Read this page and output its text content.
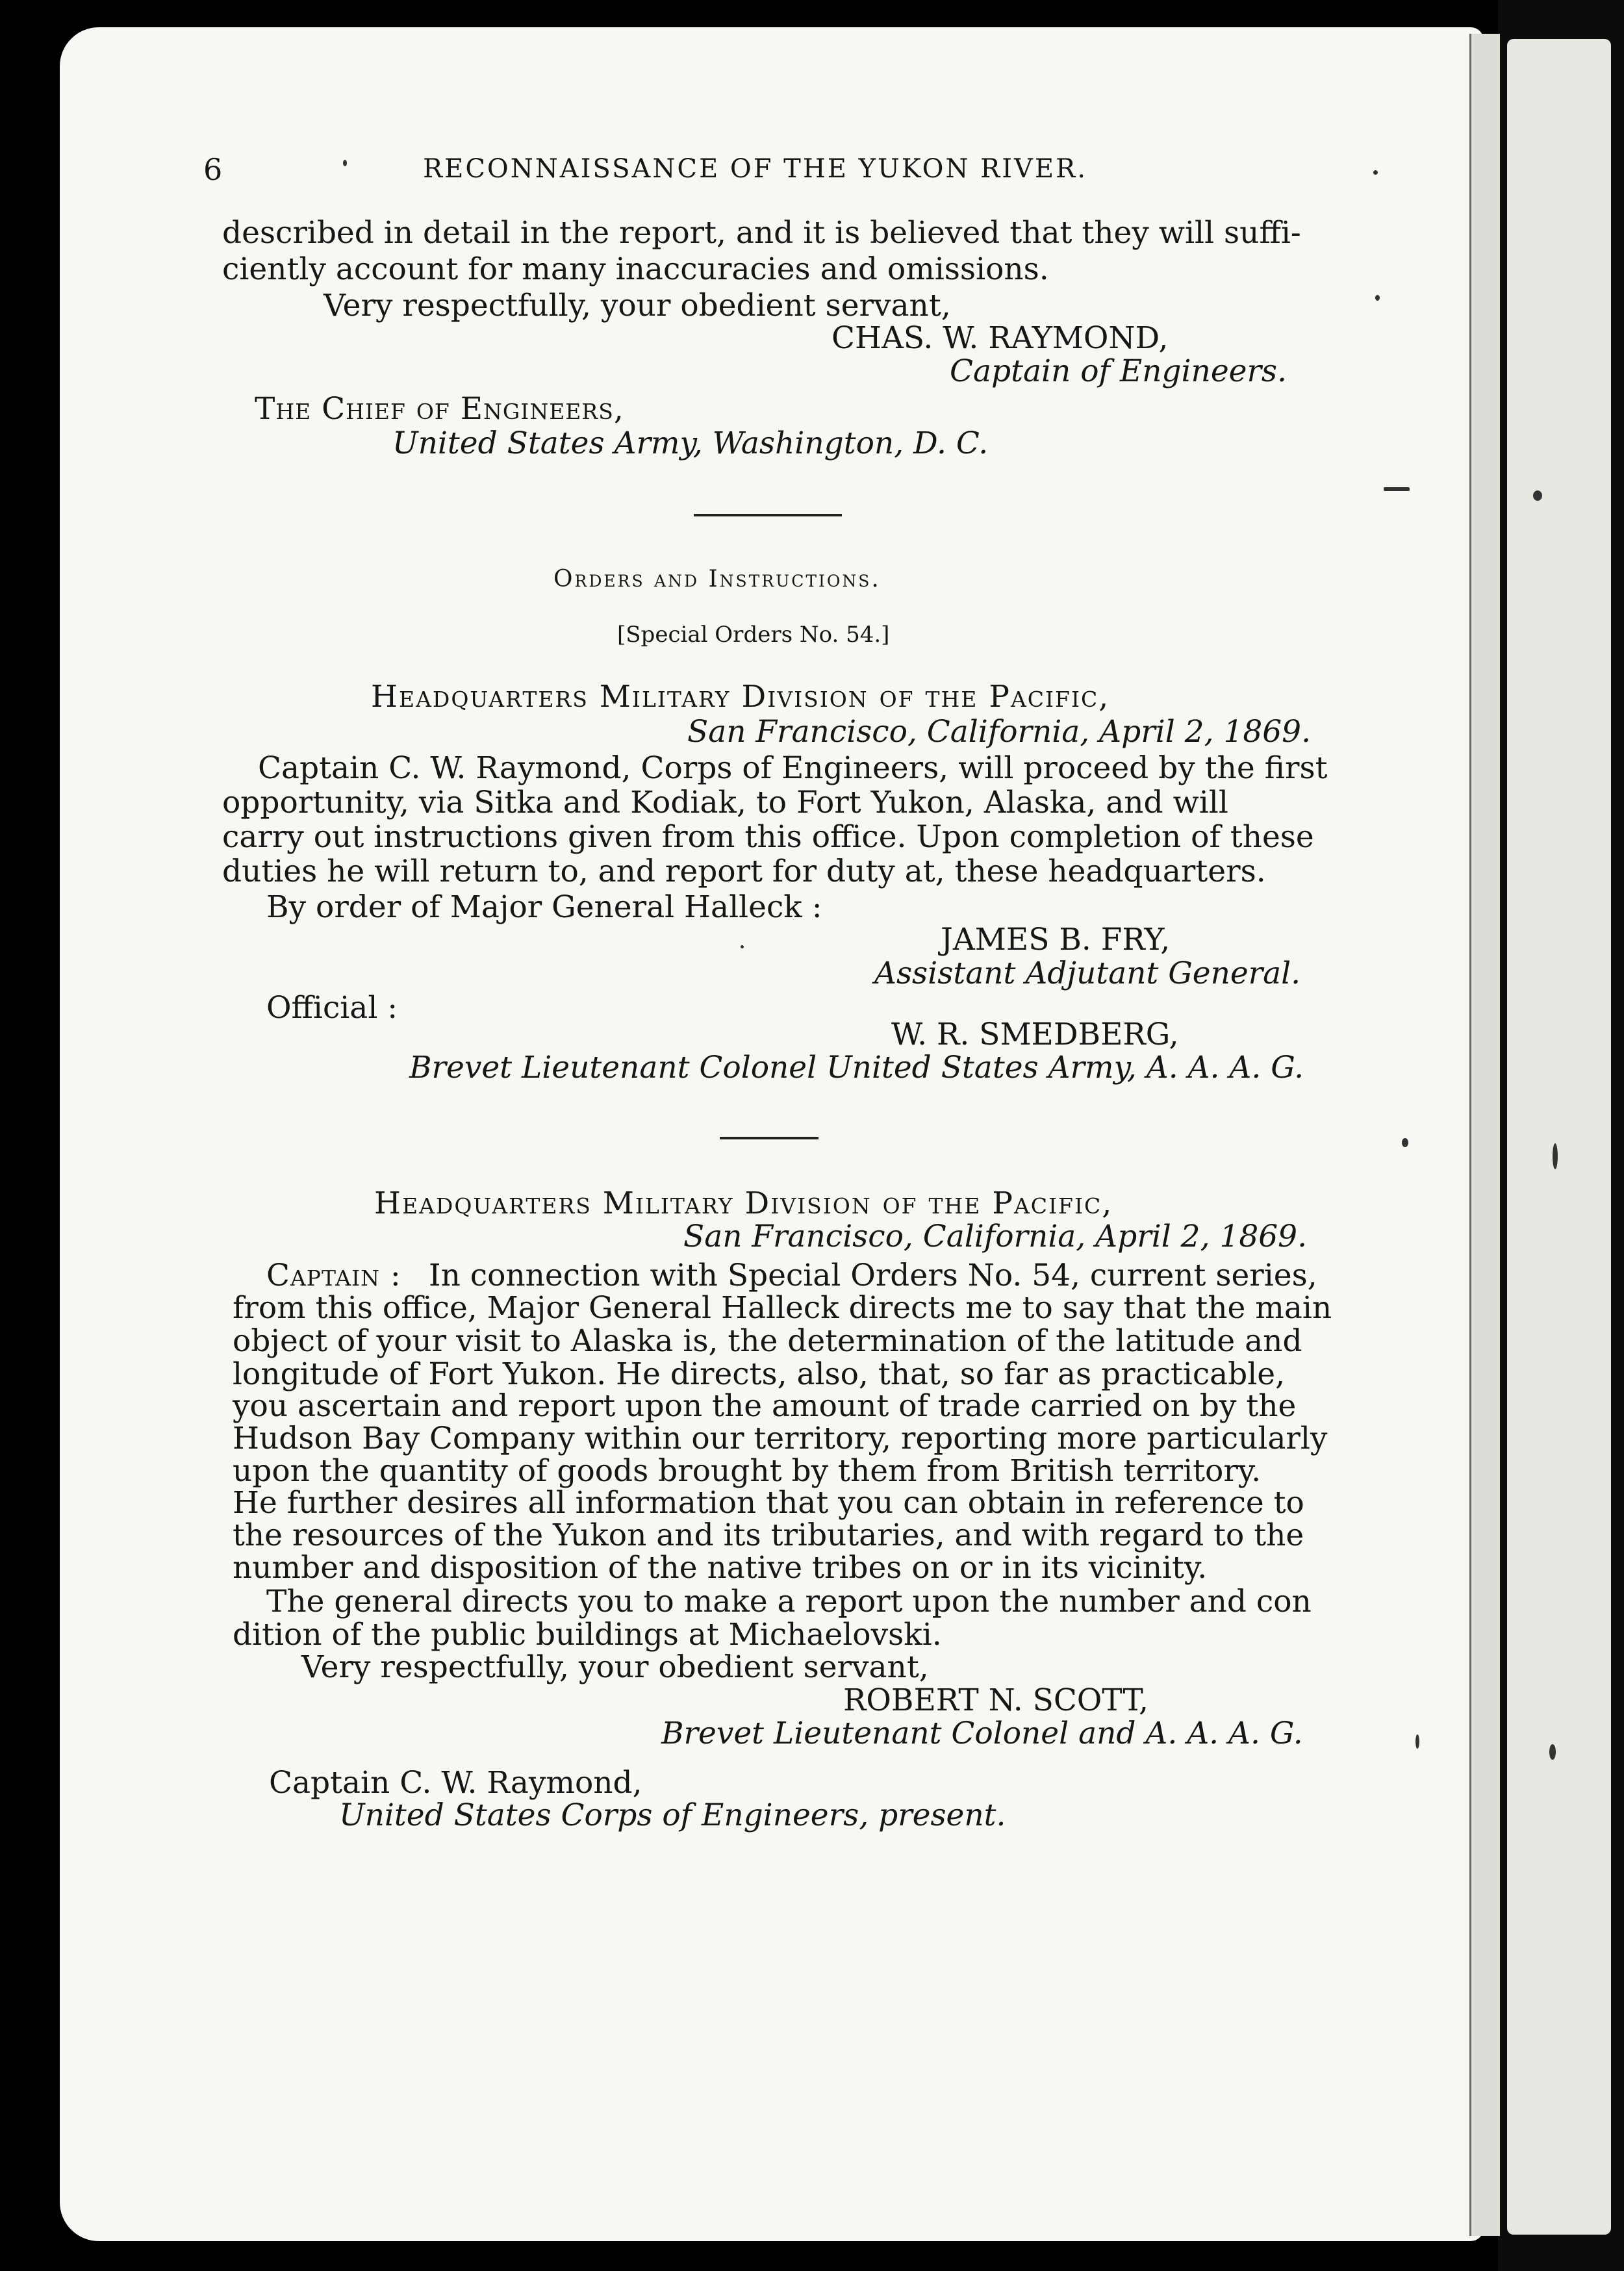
6	RECONNAISSANCE OF THE YUKON RIVER.
described in detail in the report, and it is believed that they will suffi-
ciently account for many inaccuracies and omissions.
Very respectfully, your obedient servant,
CHAS. W. RAYMOND,
Captain of Engineers.
The Chief of Engineers,
United States Army, Washington, D. C.
Orders and Instructions.
[Special Orders No. 54.]
Headquarters Military Division of the Pacific,
San Francisco, California, April 2, 1869.
Captain C. W. Raymond, Corps of Engineers, will proceed by the first
opportunity, via Sitka and Kodiak, to Fort Yukon, Alaska, and will
carry out instructions given from this office. Upon completion of these
duties he will return to, and report for duty at, these headquarters.
By order of Major General Halleck :
JAMES B. FRY,
Assistant Adjutant General.
Official :
W. R. SMEDBERG,
Brevet Lieutenant Colonel United States Army, A. A. A. G.
Headquarters Military Division of the Pacific,
San Francisco, California, April 2, 1869.
Captain : In connection with Special Orders No. 54, current series,
from this office, Major General Halleck directs me to say that the main
object of your visit to Alaska is, the determination of the latitude and
longitude of Fort Yukon. He directs, also, that, so far as practicable,
you ascertain and report upon the amount of trade carried on by the
Hudson Bay Company within our territory, reporting more particularly
upon the quantity of goods brought by them from British territory.
He further desires all information that you can obtain in reference to
the resources of the Yukon and its tributaries, and with regard to the
number and disposition of the native tribes on or in its vicinity.
The general directs you to make a report upon the number and con
dition of the public buildings at Michaelovski.
Very respectfully, your obedient servant,
ROBERT N. SCOTT,
Brevet Lieutenant Colonel and A. A. A. G.
Captain C. W. Raymond,
United States Corps of Engineers, present.
